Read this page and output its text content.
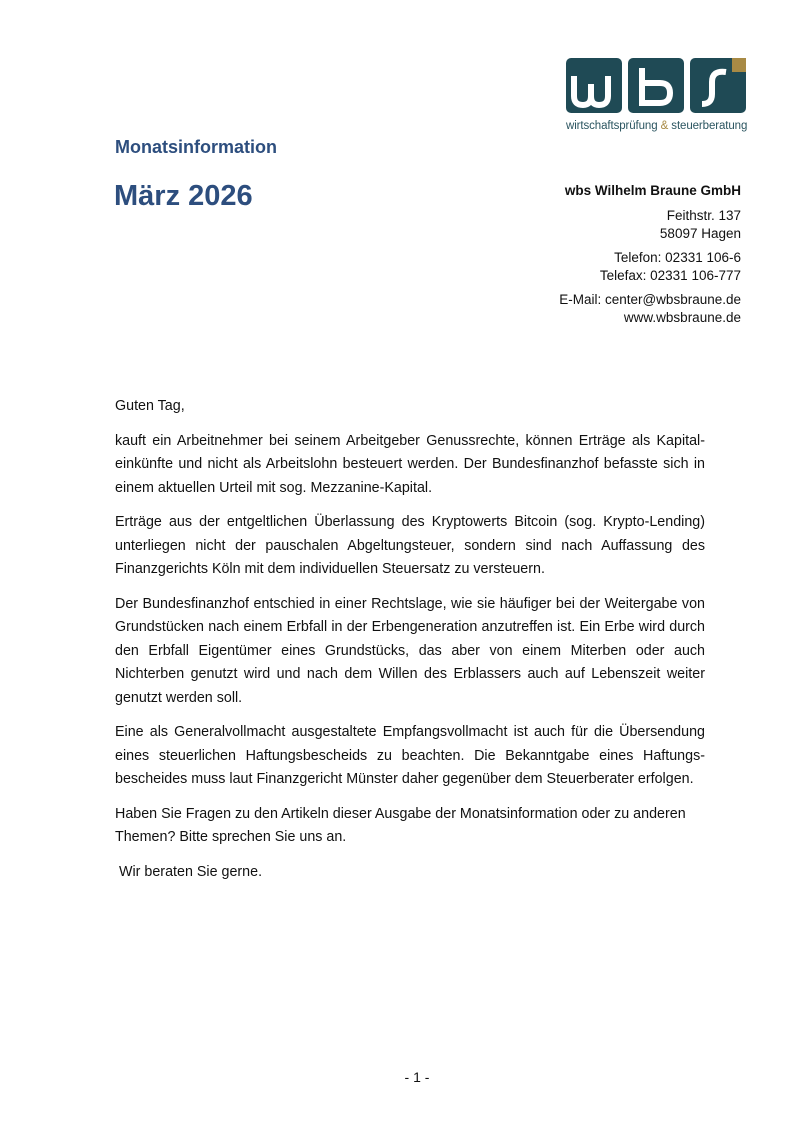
wirtschaftsprüfung & steuerberatung
Monatsinformation
März 2026	wbs Wilhelm Braune GmbH
Feithstr. 137
58097 Hagen
Telefon: 02331 106-6
Telefax: 02331 106-777
E-Mail: center@wbsbraune.de
www.wbsbraune.de

Guten Tag,

kauft ein Arbeitnehmer bei seinem Arbeitgeber Genussrechte, können Erträge als Kapital-einkünfte und nicht als Arbeitslohn besteuert werden. Der Bundesfinanzhof befasste sich in einem aktuellen Urteil mit sog. Mezzanine-Kapital.

Erträge aus der entgeltlichen Überlassung des Kryptowerts Bitcoin (sog. Krypto-Lending) unterliegen nicht der pauschalen Abgeltungsteuer, sondern sind nach Auffassung des Finanzgerichts Köln mit dem individuellen Steuersatz zu versteuern.

Der Bundesfinanzhof entschied in einer Rechtslage, wie sie häufiger bei der Weitergabe von Grundstücken nach einem Erbfall in der Erbengeneration anzutreffen ist. Ein Erbe wird durch den Erbfall Eigentümer eines Grundstücks, das aber von einem Miterben oder auch Nichterben genutzt wird und nach dem Willen des Erblassers auch auf Lebenszeit weiter genutzt werden soll.

Eine als Generalvollmacht ausgestaltete Empfangsvollmacht ist auch für die Übersendung eines steuerlichen Haftungsbescheids zu beachten. Die Bekanntgabe eines Haftungs-bescheides muss laut Finanzgericht Münster daher gegenüber dem Steuerberater erfolgen.

Haben Sie Fragen zu den Artikeln dieser Ausgabe der Monatsinformation oder zu anderen Themen? Bitte sprechen Sie uns an.

Wir beraten Sie gerne.

- 1 -
